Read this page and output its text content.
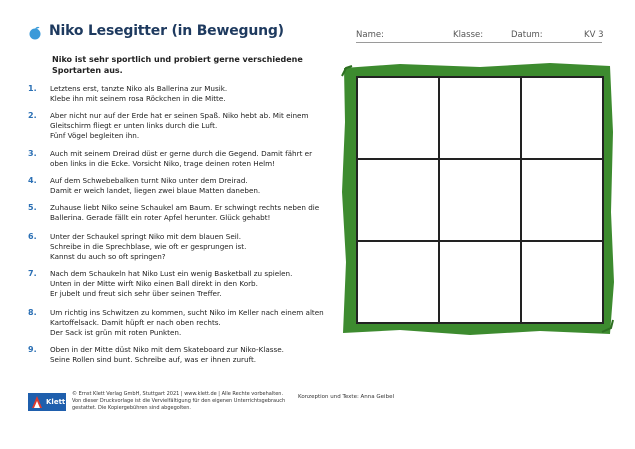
Niko Lesegitter (in Bewegung)	Name:	Klasse:	Datum:	KV 3
Niko ist sehr sportlich und probiert gerne verschiedene Sportarten aus.
1.	Letztens erst, tanzte Niko als Ballerina zur Musik.
Klebe ihn mit seinem rosa Röckchen in die Mitte.
2.	Aber nicht nur auf der Erde hat er seinen Spaß. Niko hebt ab. Mit einem Gleitschirm fliegt er unten links durch die Luft.
Fünf Vögel begleiten ihn.
3.	Auch mit seinem Dreirad düst er gerne durch die Gegend. Damit fährt er oben links in die Ecke. Vorsicht Niko, trage deinen roten Helm!
4.	Auf dem Schwebebalken turnt Niko unter dem Dreirad.
Damit er weich landet, liegen zwei blaue Matten daneben.
5.	Zuhause liebt Niko seine Schaukel am Baum. Er schwingt rechts neben die Ballerina. Gerade fällt ein roter Apfel herunter. Glück gehabt!
6.	Unter der Schaukel springt Niko mit dem blauen Seil.
Schreibe in die Sprechblase, wie oft er gesprungen ist.
Kannst du auch so oft springen?
7.	Nach dem Schaukeln hat Niko Lust ein wenig Basketball zu spielen.
Unten in der Mitte wirft Niko einen Ball direkt in den Korb.
Er jubelt und freut sich sehr über seinen Treffer.
8.	Um richtig ins Schwitzen zu kommen, sucht Niko im Keller nach einem alten Kartoffelsack. Damit hüpft er nach oben rechts.
Der Sack ist grün mit roten Punkten.
9.	Oben in der Mitte düst Niko mit dem Skateboard zur Niko-Klasse.
Seine Rollen sind bunt. Schreibe auf, was er ihnen zuruft.
Klett
© Ernst Klett Verlag GmbH, Stuttgart 2021 | www.klett.de | Alle Rechte vorbehalten. Von dieser Druckvorlage ist die Vervielfältigung für den eigenen Unterrichtsgebrauch gestattet. Die Kopiergebühren sind abgegolten.
Konzeption und Texte: Anna Geibel
